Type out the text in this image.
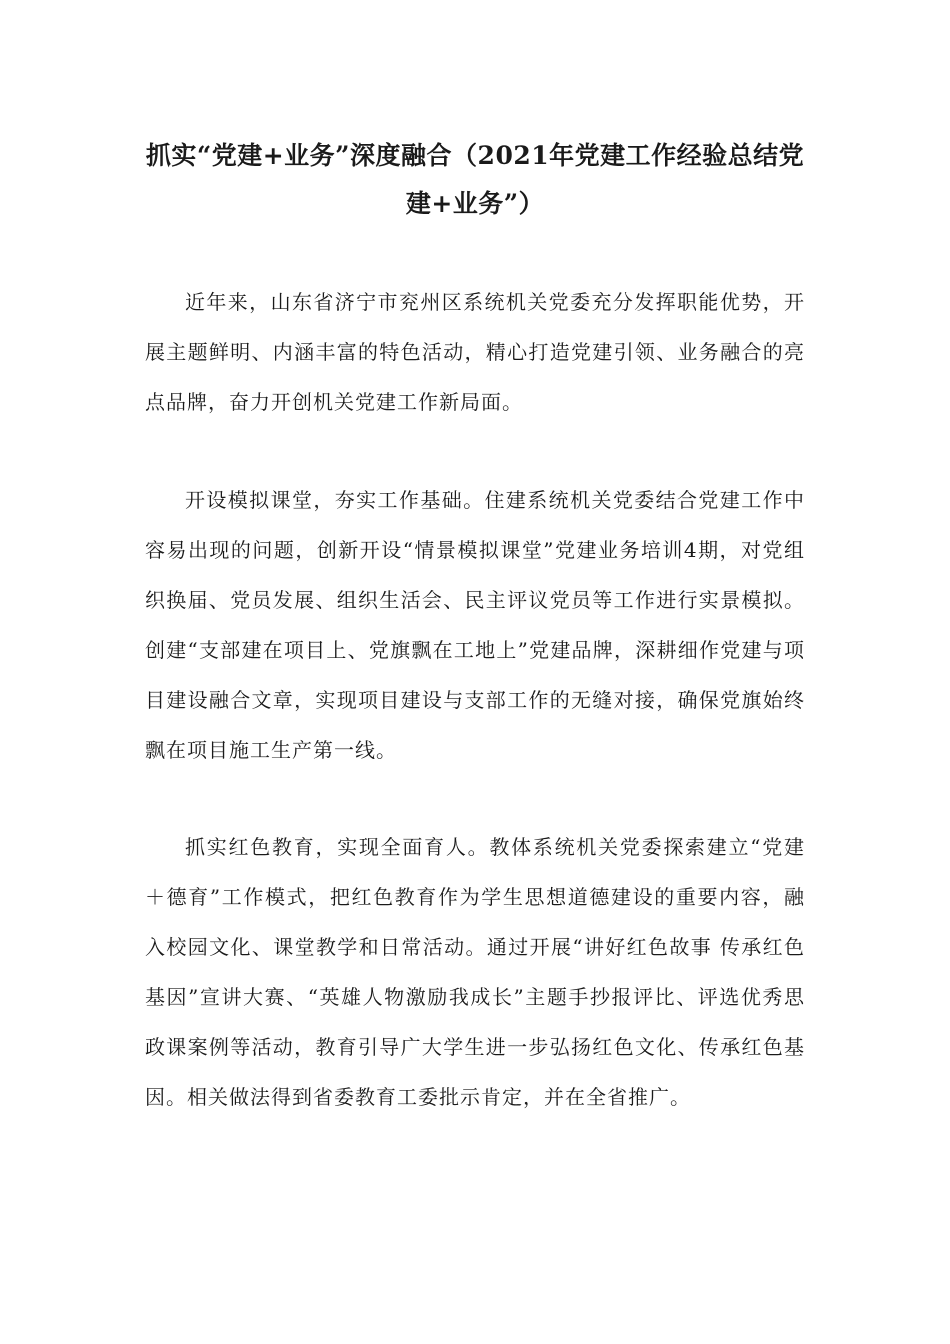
抓实“党建+业务”深度融合（2021年党建工作经验总结党建+业务”）

近年来，山东省济宁市兖州区系统机关党委充分发挥职能优势，开展主题鲜明、内涵丰富的特色活动，精心打造党建引领、业务融合的亮点品牌，奋力开创机关党建工作新局面。

开设模拟课堂，夯实工作基础。住建系统机关党委结合党建工作中容易出现的问题，创新开设“情景模拟课堂”党建业务培训4期，对党组织换届、党员发展、组织生活会、民主评议党员等工作进行实景模拟。创建“支部建在项目上、党旗飘在工地上”党建品牌，深耕细作党建与项目建设融合文章，实现项目建设与支部工作的无缝对接，确保党旗始终飘在项目施工生产第一线。

抓实红色教育，实现全面育人。教体系统机关党委探索建立“党建＋德育”工作模式，把红色教育作为学生思想道德建设的重要内容，融入校园文化、课堂教学和日常活动。通过开展“讲好红色故事 传承红色基因”宣讲大赛、“英雄人物激励我成长”主题手抄报评比、评选优秀思政课案例等活动，教育引导广大学生进一步弘扬红色文化、传承红色基因。相关做法得到省委教育工委批示肯定，并在全省推广。
